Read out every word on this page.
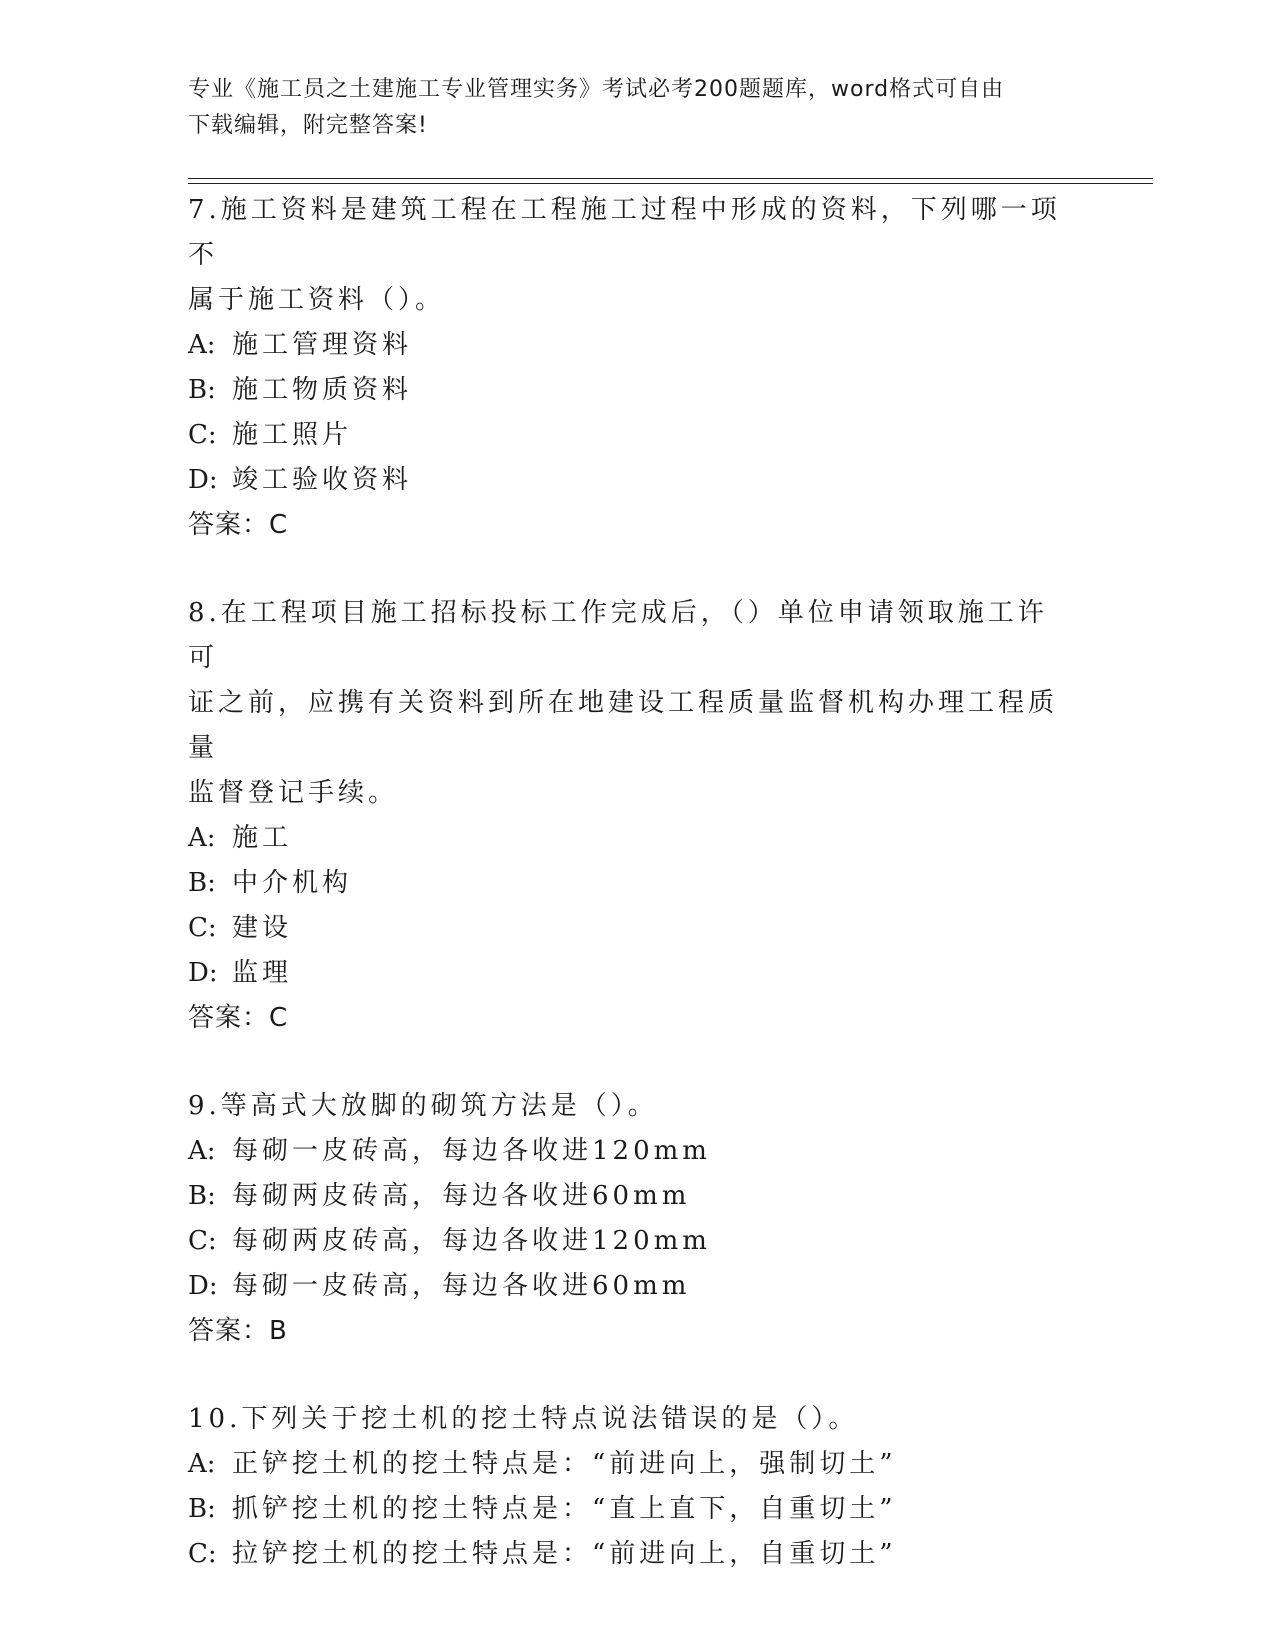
专业《施工员之土建施工专业管理实务》考试必考200题题库，word格式可自由
下载编辑，附完整答案!

7.施工资料是建筑工程在工程施工过程中形成的资料，下列哪一项不

属于施工资料（）。

A: 施工管理资料

B: 施工物质资料

C: 施工照片

D: 竣工验收资料

答案：C

8.在工程项目施工招标投标工作完成后，（）单位申请领取施工许可

证之前，应携有关资料到所在地建设工程质量监督机构办理工程质量

监督登记手续。

A: 施工

B: 中介机构

C: 建设

D: 监理

答案：C

9.等高式大放脚的砌筑方法是（）。

A: 每砌一皮砖高，每边各收进120mm

B: 每砌两皮砖高，每边各收进60mm

C: 每砌两皮砖高，每边各收进120mm

D: 每砌一皮砖高，每边各收进60mm

答案：B

10.下列关于挖土机的挖土特点说法错误的是（）。

A: 正铲挖土机的挖土特点是：“前进向上，强制切土”

B: 抓铲挖土机的挖土特点是：“直上直下，自重切土”

C: 拉铲挖土机的挖土特点是：“前进向上，自重切土”
